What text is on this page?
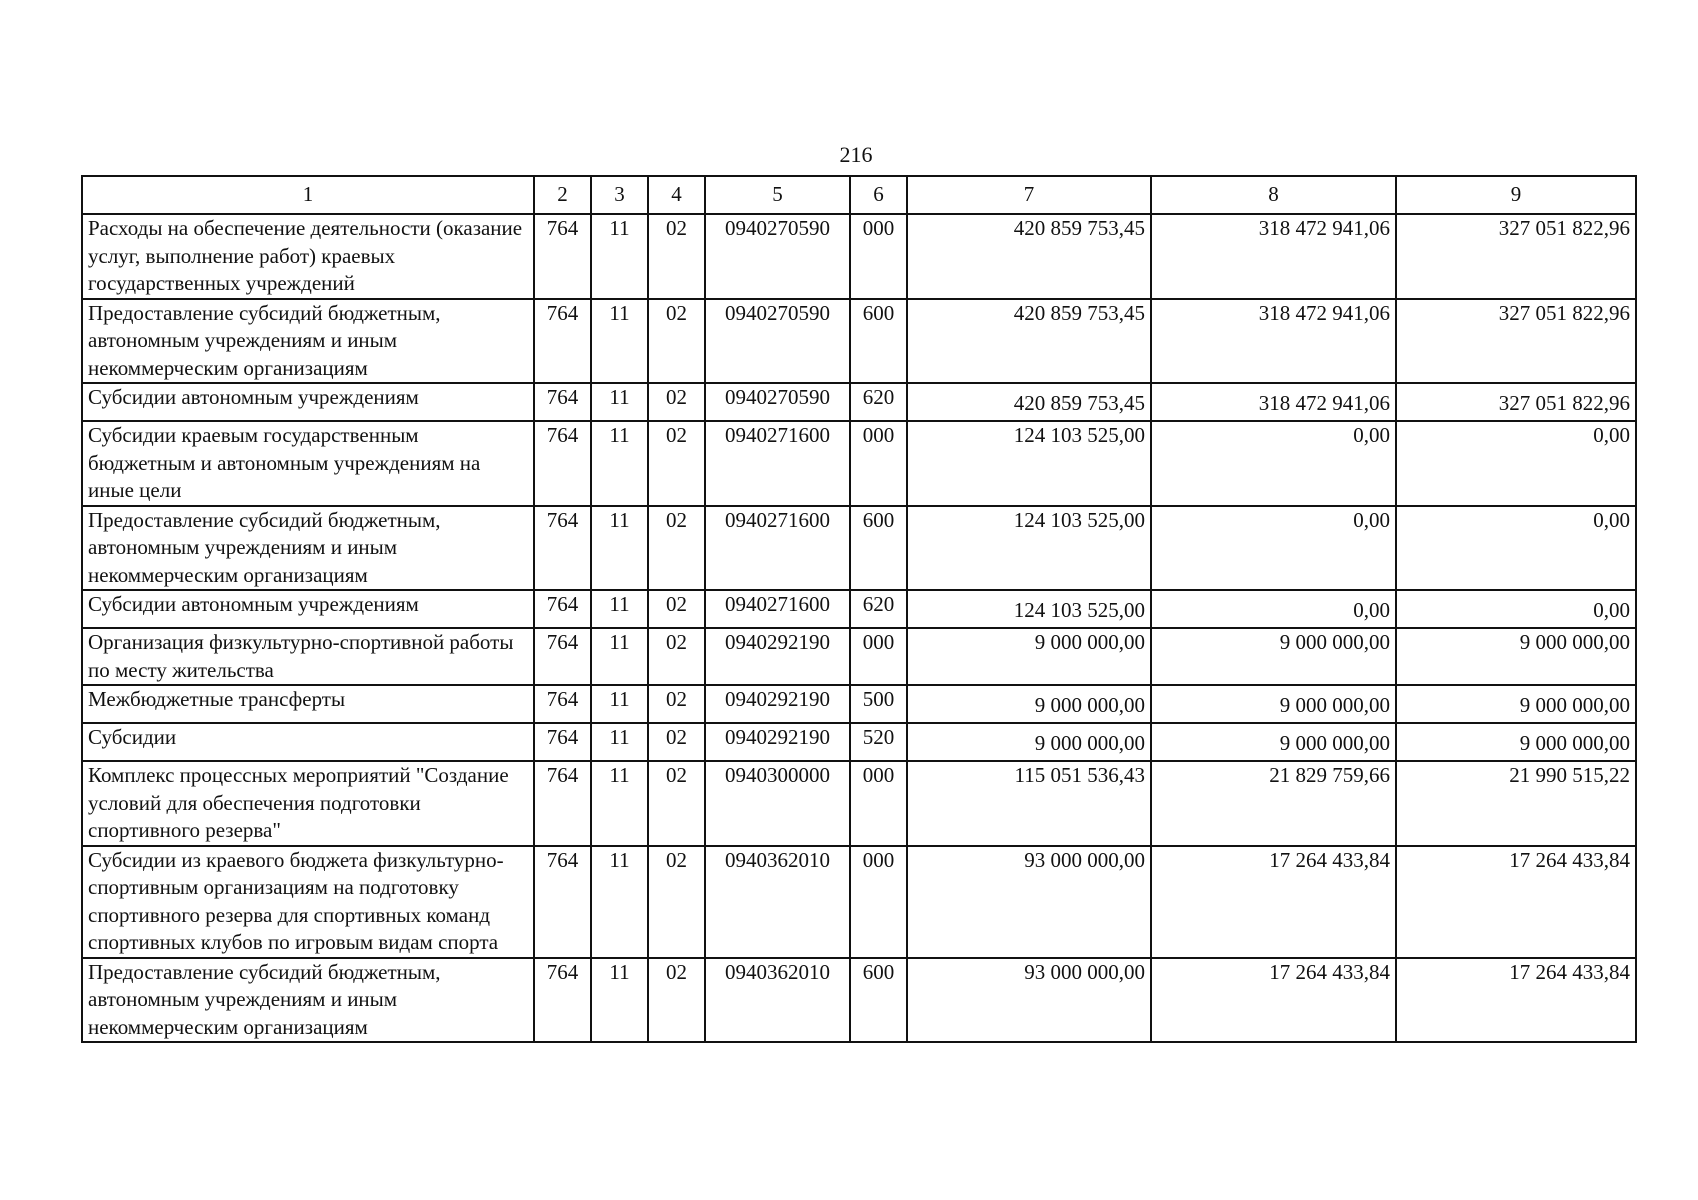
216
1	2	3	4	5	6	7	8	9
Расходы на обеспечение деятельности (оказание услуг, выполнение работ) краевых государственных учреждений	764	11	02	0940270590	000	420 859 753,45	318 472 941,06	327 051 822,96
Предоставление субсидий бюджетным, автономным учреждениям и иным некоммерческим организациям	764	11	02	0940270590	600	420 859 753,45	318 472 941,06	327 051 822,96
Субсидии автономным учреждениям	764	11	02	0940270590	620	420 859 753,45	318 472 941,06	327 051 822,96
Субсидии краевым государственным бюджетным и автономным учреждениям на иные цели	764	11	02	0940271600	000	124 103 525,00	0,00	0,00
Предоставление субсидий бюджетным, автономным учреждениям и иным некоммерческим организациям	764	11	02	0940271600	600	124 103 525,00	0,00	0,00
Субсидии автономным учреждениям	764	11	02	0940271600	620	124 103 525,00	0,00	0,00
Организация физкультурно-спортивной работы по месту жительства	764	11	02	0940292190	000	9 000 000,00	9 000 000,00	9 000 000,00
Межбюджетные трансферты	764	11	02	0940292190	500	9 000 000,00	9 000 000,00	9 000 000,00
Субсидии	764	11	02	0940292190	520	9 000 000,00	9 000 000,00	9 000 000,00
Комплекс процессных мероприятий "Создание условий для обеспечения подготовки спортивного резерва"	764	11	02	0940300000	000	115 051 536,43	21 829 759,66	21 990 515,22
Субсидии из краевого бюджета физкультурно-спортивным организациям на подготовку спортивного резерва для спортивных команд спортивных клубов по игровым видам спорта	764	11	02	0940362010	000	93 000 000,00	17 264 433,84	17 264 433,84
Предоставление субсидий бюджетным, автономным учреждениям и иным некоммерческим организациям	764	11	02	0940362010	600	93 000 000,00	17 264 433,84	17 264 433,84
